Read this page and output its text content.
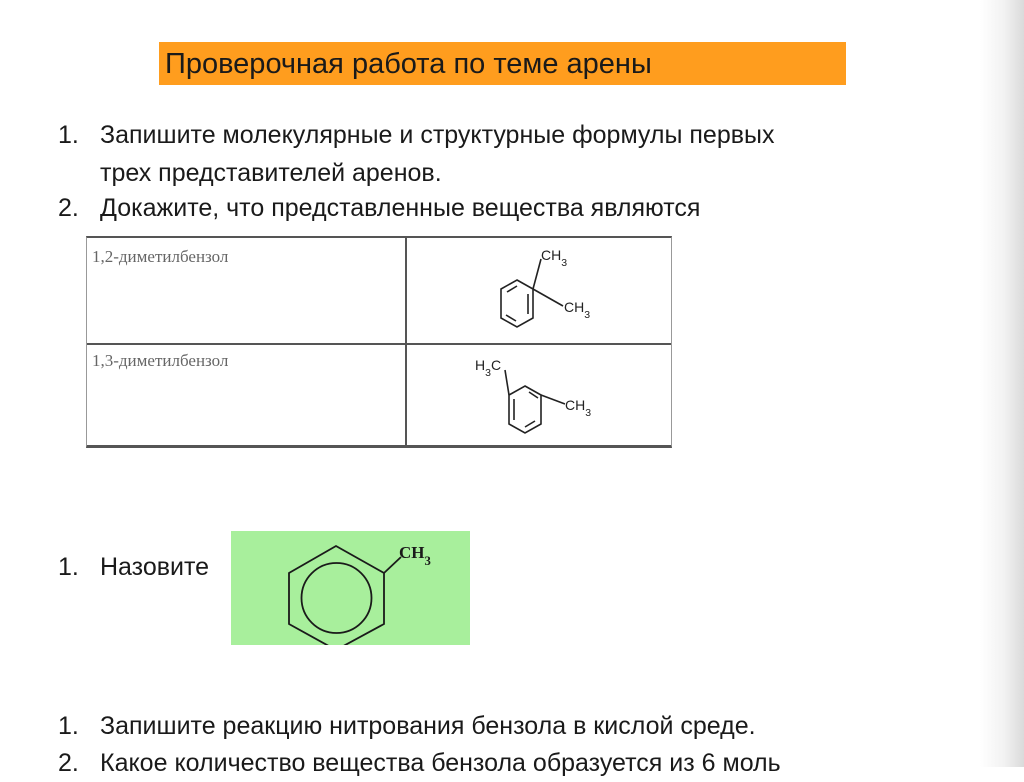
Проверочная работа по теме арены
1. Запишите молекулярные и структурные формулы первых
трех представителей аренов.
2. Докажите, что представленные вещества являются
1,2-диметилбензол
1,3-диметилбензол
$CH_3$
$CH_3$
$H_3C$
$CH_3$
1. Назовите
$CH_3$
1. Запишите реакцию нитрования бензола в кислой среде.
2. Какое количество вещества бензола образуется из 6 моль
